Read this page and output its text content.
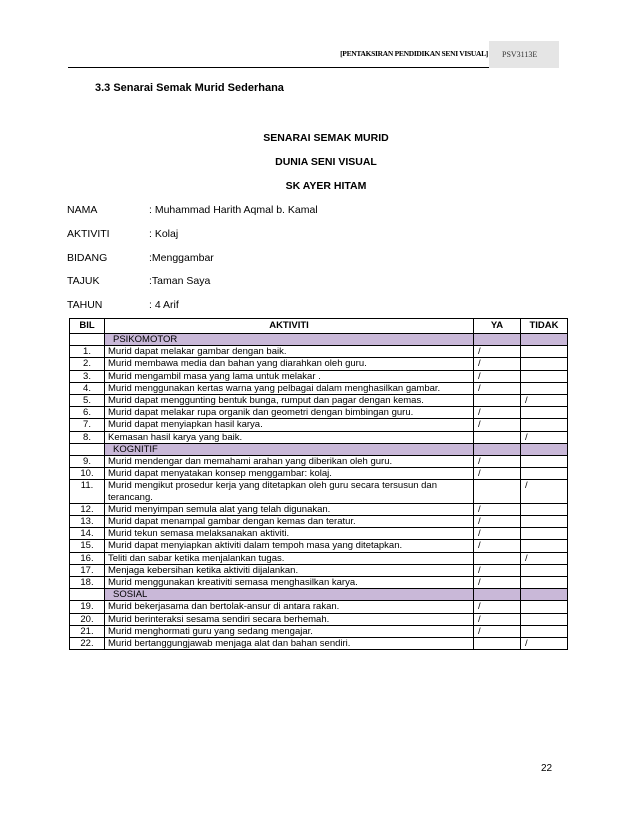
[PENTAKSIRAN PENDIDIKAN SENI VISUAL]	PSV3113E
3.3 Senarai Semak Murid Sederhana
SENARAI SEMAK MURID
DUNIA SENI VISUAL
SK AYER HITAM
NAMA	: Muhammad Harith Aqmal b. Kamal
AKTIVITI	: Kolaj
BIDANG	:Menggambar
TAJUK	:Taman Saya
TAHUN	: 4 Arif
BIL	AKTIVITI	YA	TIDAK
	PSIKOMOTOR		
1.	Murid dapat melakar gambar dengan baik.	/	
2.	Murid membawa media dan bahan yang diarahkan oleh guru.	/	
3.	Murid mengambil masa yang lama untuk melakar .	/	
4.	Murid menggunakan kertas warna yang pelbagai dalam menghasilkan gambar.	/	
5.	Murid dapat menggunting bentuk bunga, rumput dan pagar dengan kemas.		/
6.	Murid dapat melakar rupa organik dan geometri dengan bimbingan guru.	/	
7.	Murid dapat menyiapkan hasil karya.	/	
8.	Kemasan hasil karya yang baik.		/
	KOGNITIF		
9.	Murid mendengar dan memahami arahan yang diberikan oleh guru.	/	
10.	Murid dapat menyatakan konsep menggambar: kolaj.	/	
11.	Murid mengikut prosedur kerja yang ditetapkan oleh guru secara tersusun dan terancang.		/
12.	Murid menyimpan semula alat yang telah digunakan.	/	
13.	Murid dapat menampal gambar dengan kemas dan teratur.	/	
14.	Murid tekun semasa melaksanakan aktiviti.	/	
15.	Murid dapat menyiapkan aktiviti dalam tempoh masa yang ditetapkan.	/	
16.	Teliti dan sabar ketika menjalankan tugas.		/
17.	Menjaga kebersihan ketika aktiviti dijalankan.	/	
18.	Murid menggunakan kreativiti semasa menghasilkan karya.	/	
	SOSIAL		
19.	Murid bekerjasama dan bertolak-ansur di antara rakan.	/	
20.	Murid berinteraksi sesama sendiri secara berhemah.	/	
21.	Murid menghormati guru yang sedang mengajar.	/	
22.	Murid bertanggungjawab menjaga alat dan bahan sendiri.		/
22
